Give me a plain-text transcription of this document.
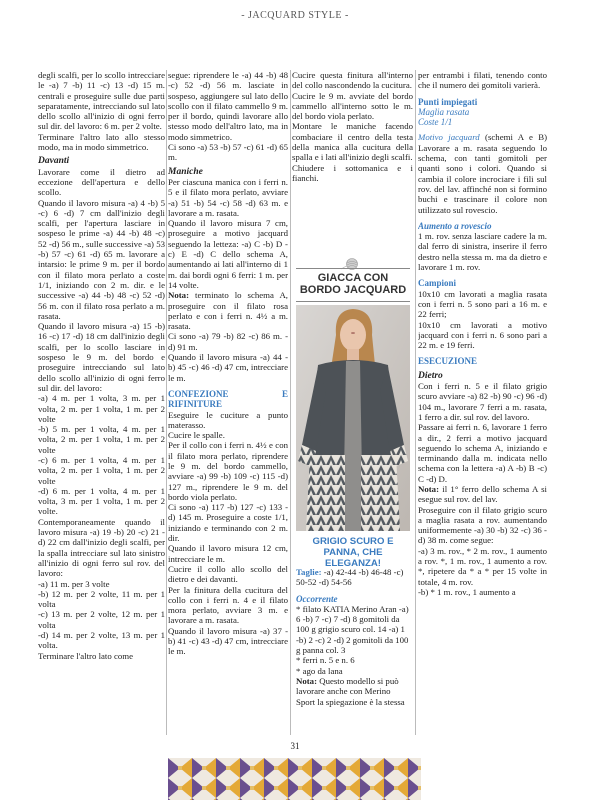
- JACQUARD STYLE -

degli scalfi, per lo scollo intrecciare le -a) 7 -b) 11 -c) 13 -d) 15 m. centrali e proseguire sulle due parti separatamente, intrecciando sul lato dello scollo all'inizio di ogni ferro sul dir. del lavoro: 6 m. per 2 volte.

Terminare l'altro lato allo stesso modo, ma in modo simmetrico.

Davanti

Lavorare come il dietro ad eccezione dell'apertura e dello scollo.

Quando il lavoro misura -a) 4 -b) 5 -c) 6 -d) 7 cm dall'inizio degli scalfi, per l'apertura lasciare in sospeso le prime -a) 44 -b) 48 -c) 52 -d) 56 m., sulle successive -a) 53 -b) 57 -c) 61 -d) 65 m. lavorare a intarsio: le prime 9 m. per il bordo con il filato mora perlato a coste 1/1, iniziando con 2 m. dir. e le successive -a) 44 -b) 48 -c) 52 -d) 56 m. con il filato rosa perlato a m. rasata.

Quando il lavoro misura -a) 15 -b) 16 -c) 17 -d) 18 cm dall'inizio degli scalfi, per lo scollo lasciare in sospeso le 9 m. del bordo e proseguire intrecciando sul lato dello scollo all'inizio di ogni ferro sul dir. del lavoro:

-a) 4 m. per 1 volta, 3 m. per 1 volta, 2 m. per 1 volta, 1 m. per 2 volte

-b) 5 m. per 1 volta, 4 m. per 1 volta, 2 m. per 1 volta, 1 m. per 2 volte

-c) 6 m. per 1 volta, 4 m. per 1 volta, 2 m. per 1 volta, 1 m. per 2 volte

-d) 6 m. per 1 volta, 4 m. per 1 volta, 3 m. per 1 volta, 1 m. per 2 volte.

Contemporaneamente quando il lavoro misura -a) 19 -b) 20 -c) 21 -d) 22 cm dall'inizio degli scalfi, per la spalla intrecciare sul lato sinistro all'inizio di ogni ferro sul rov. del lavoro:

-a) 11 m. per 3 volte

-b) 12 m. per 2 volte, 11 m. per 1 volta

-c) 13 m. per 2 volte, 12 m. per 1 volta

-d) 14 m. per 2 volte, 13 m. per 1 volta.

Terminare l'altro lato come

segue: riprendere le -a) 44 -b) 48 -c) 52 -d) 56 m. lasciate in sospeso, aggiungere sul lato dello scollo con il filato cammello 9 m. per il bordo, quindi lavorare allo stesso modo dell'altro lato, ma in modo simmetrico.

Ci sono -a) 53 -b) 57 -c) 61 -d) 65 m.

Maniche

Per ciascuna manica con i ferri n. 5 e il filato mora perlato, avviare -a) 51 -b) 54 -c) 58 -d) 63 m. e lavorare a m. rasata.

Quando il lavoro misura 7 cm, proseguire a motivo jacquard seguendo la letteza: -a) C -b) D -c) E -d) C dello schema A, aumentando ai lati all'interno di 1 m. dai bordi ogni 6 ferri: 1 m. per 14 volte.

Nota: terminato lo schema A, proseguire con il filato rosa perlato e con i ferri n. 4½ a m. rasata.

Ci sono -a) 79 -b) 82 -c) 86 m. -d) 91 m.

Quando il lavoro misura -a) 44 -b) 45 -c) 46 -d) 47 cm, intrecciare le m.

CONFEZIONE E RIFINITURE

Eseguire le cuciture a punto materasso.

Cucire le spalle.

Per il collo con i ferri n. 4½ e con il filato mora perlato, riprendere le 9 m. del bordo cammello, avviare -a) 99 -b) 109 -c) 115 -d) 127 m., riprendere le 9 m. del bordo viola perlato.

Ci sono -a) 117 -b) 127 -c) 133 -d) 145 m. Proseguire a coste 1/1, iniziando e terminando con 2 m. dir.

Quando il lavoro misura 12 cm, intrecciare le m.

Cucire il collo allo scollo del dietro e dei davanti.

Per la finitura della cucitura del collo con i ferri n. 4 e il filato mora perlato, avviare 3 m. e lavorare a m. rasata.

Quando il lavoro misura -a) 37 -b) 41 -c) 43 -d) 47 cm, intrecciare le m.

Cucire questa finitura all'interno del collo nascondendo la cucitura.

Cucire le 9 m. avviate del bordo cammello all'interno sotto le m. del bordo viola perlato.

Montare le maniche facendo combaciare il centro della testa della manica alla cucitura della spalla e i lati all'inizio degli scalfi.

Chiudere i sottomanica e i fianchi.

per entrambi i filati, tenendo conto che il numero dei gomitoli varierà.

Punti impiegati

Maglia rasata

Coste 1/1

Motivo jacquard (schemi A e B) Lavorare a m. rasata seguendo lo schema, con tanti gomitoli per quanti sono i colori. Quando si cambia il colore incrociare i fili sul rov. del lav. affinché non si formino buchi e trascinare il colore non utilizzato sul rovescio.

Aumento a rovescio

1 m. rov. senza lasciare cadere la m. dal ferro di sinistra, inserire il ferro destro nella stessa m. ma da dietro e lavorare 1 m. rov.

Campioni

10x10 cm lavorati a maglia rasata con i ferri n. 5 sono pari a 16 m. e 22 ferri;

10x10 cm lavorati a motivo jacquard con i ferri n. 6 sono pari a 22 m. e 19 ferri.

ESECUZIONE

Dietro

Con i ferri n. 5 e il filato grigio scuro avviare -a) 82 -b) 90 -c) 96 -d) 104 m., lavorare 7 ferri a m. rasata, 1 ferro a dir. sul rov. del lavoro.

Passare ai ferri n. 6, lavorare 1 ferro a dir., 2 ferri a motivo jacquard seguendo lo schema A, iniziando e terminando dalla m. indicata nello schema con la lettera -a) A -b) B -c) C -d) D.

Nota: il 1° ferro dello schema A si esegue sul rov. del lav.

Proseguire con il filato grigio scuro a maglia rasata a rov. aumentando uniformemente -a) 30 -b) 32 -c) 36 -d) 38 m. come segue:

-a) 3 m. rov., * 2 m. rov., 1 aumento a rov. *, 1 m. rov., 1 aumento a rov. *, ripetere da * a * per 15 volte in totale, 4 m. rov.

-b) * 1 m. rov., 1 aumento a

GIACCA CON BORDO JACQUARD
GRIGIO SCURO E PANNA, CHE ELEGANZA!

Taglie: -a) 42-44 -b) 46-48 -c) 50-52 -d) 54-56

Occorrente

* filato KATIA Merino Aran -a) 6 -b) 7 -c) 7 -d) 8 gomitoli da 100 g grigio scuro col. 14 -a) 1 -b) 2 -c) 2 -d) 2 gomitoli da 100 g panna col. 3

* ferri n. 5 e n. 6

* ago da lana

Nota: Questo modello si può lavorare anche con Merino Sport la spiegazione è la stessa

31
PassionForum.ru
